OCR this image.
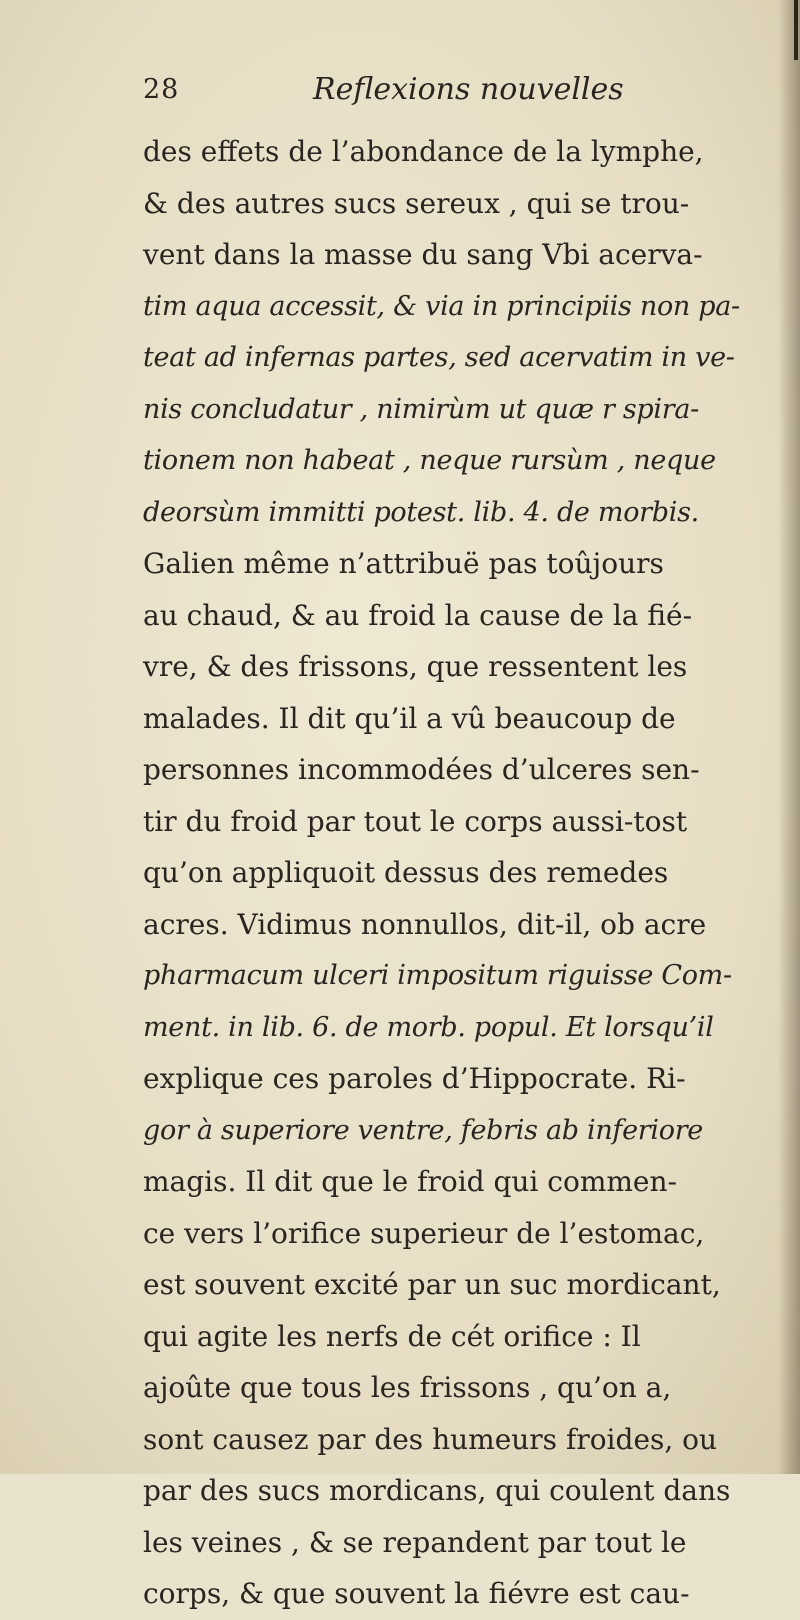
28	Reflexions nouvelles
des effets de l’abondance de la lymphe,
& des autres sucs sereux , qui se trou-
vent dans la masse du sang Vbi acerva-
tim aqua accessit, & via in principiis non pa-
teat ad infernas partes, sed acervatim in ve-
nis concludatur , nimirùm ut quæ r spira-
tionem non habeat , neque rursùm , neque
deorsùm immitti potest. lib. 4. de morbis.
Galien même n’attribuë pas toûjours
au chaud, & au froid la cause de la fié-
vre, & des frissons, que ressentent les
malades. Il dit qu’il a vû beaucoup de
personnes incommodées d’ulceres sen-
tir du froid par tout le corps aussi-tost
qu’on appliquoit dessus des remedes
acres. Vidimus nonnullos, dit-il, ob acre
pharmacum ulceri impositum riguisse Com-
ment. in lib. 6. de morb. popul. Et lorsqu’il
explique ces paroles d’Hippocrate. Ri-
gor à superiore ventre, febris ab inferiore
magis. Il dit que le froid qui commen-
ce vers l’orifice superieur de l’estomac,
est souvent excité par un suc mordicant,
qui agite les nerfs de cét orifice : Il
ajoûte que tous les frissons , qu’on a,
sont causez par des humeurs froides, ou
par des sucs mordicans, qui coulent dans
les veines , & se repandent par tout le
corps, & que souvent la fiévre est cau-
